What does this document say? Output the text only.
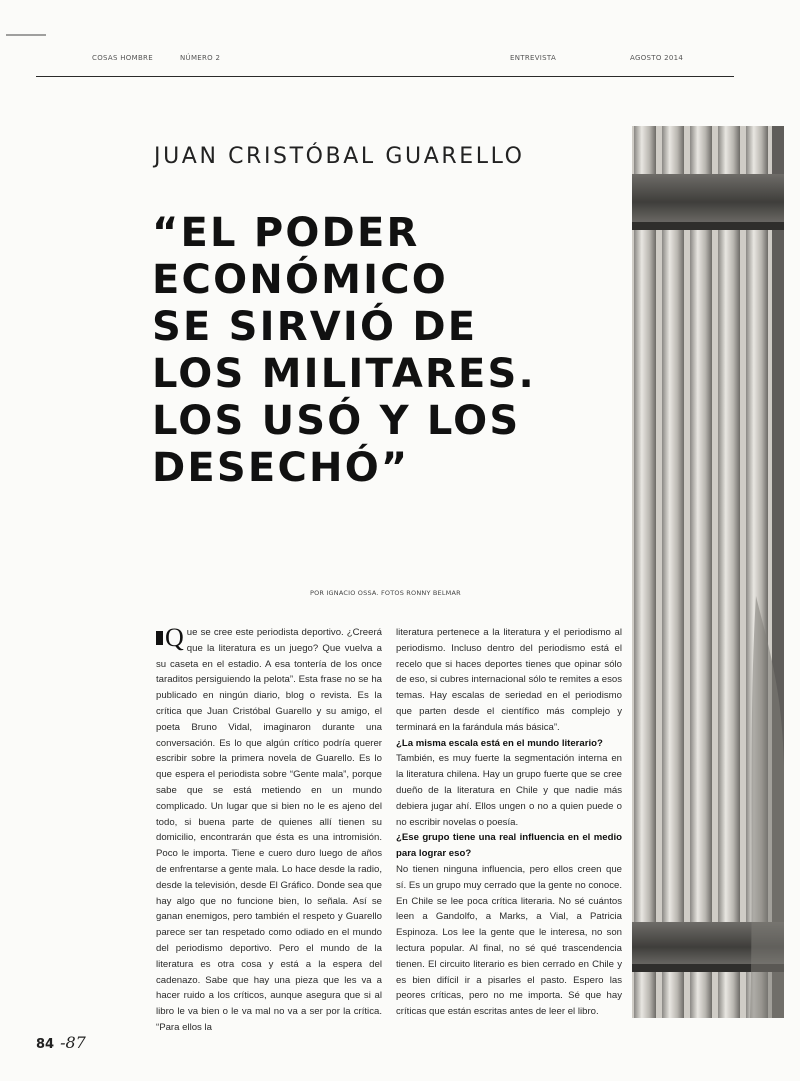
COSAS HOMBRE	NÚMERO 2	ENTREVISTA	AGOSTO 2014
JUAN CRISTÓBAL GUARELLO
“EL PODER
ECONÓMICO
SE SIRVIÓ DE
LOS MILITARES.
LOS USÓ Y LOS
DESECHÓ”
POR IGNACIO OSSA. FOTOS RONNY BELMAR

Que se cree este periodista deportivo. ¿Creerá que la literatura es un juego? Que vuelva a su caseta en el estadio. A esa tontería de los once taraditos persiguiendo la pelota”. Esta frase no se ha publicado en ningún diario, blog o revista. Es la crítica que Juan Cristóbal Guarello y su amigo, el poeta Bruno Vidal, imaginaron durante una conversación. Es lo que algún crítico podría querer escribir sobre la primera novela de Guarello. Es lo que espera el periodista sobre “Gente mala”, porque sabe que se está metiendo en un mundo complicado. Un lugar que si bien no le es ajeno del todo, si buena parte de quienes allí tienen su domicilio, encontrarán que ésta es una intromisión. Poco le importa. Tiene e cuero duro luego de años de enfrentarse a gente mala. Lo hace desde la radio, desde la televisión, desde El Gráfico. Donde sea que hay algo que no funcione bien, lo señala. Así se ganan enemigos, pero también el respeto y Guarello parece ser tan respetado como odiado en el mundo del periodismo deportivo. Pero el mundo de la literatura es otra cosa y está a la espera del cadenazo. Sabe que hay una pieza que les va a hacer ruido a los críticos, aunque asegura que si al libro le va bien o le va mal no va a ser por la crítica. “Para ellos la

literatura pertenece a la literatura y el periodismo al periodismo. Incluso dentro del periodismo está el recelo que si haces deportes tienes que opinar sólo de eso, si cubres internacional sólo te remites a esos temas. Hay escalas de seriedad en el periodismo que parten desde el científico más complejo y terminará en la farándula más básica”.

¿La misma escala está en el mundo literario?

También, es muy fuerte la segmentación interna en la literatura chilena. Hay un grupo fuerte que se cree dueño de la literatura en Chile y que nadie más debiera jugar ahí. Ellos ungen o no a quien puede o no escribir novelas o poesía.

¿Ese grupo tiene una real influencia en el medio para lograr eso?

No tienen ninguna influencia, pero ellos creen que sí. Es un grupo muy cerrado que la gente no conoce. En Chile se lee poca crítica literaria. No sé cuántos leen a Gandolfo, a Marks, a Vial, a Patricia Espinoza. Los lee la gente que le interesa, no son lectura popular. Al final, no sé qué trascendencia tienen. El circuito literario es bien cerrado en Chile y es bien difícil ir a pisarles el pasto. Espero las peores críticas, pero no me importa. Sé que hay críticas que están escritas antes de leer el libro.

84 -87
